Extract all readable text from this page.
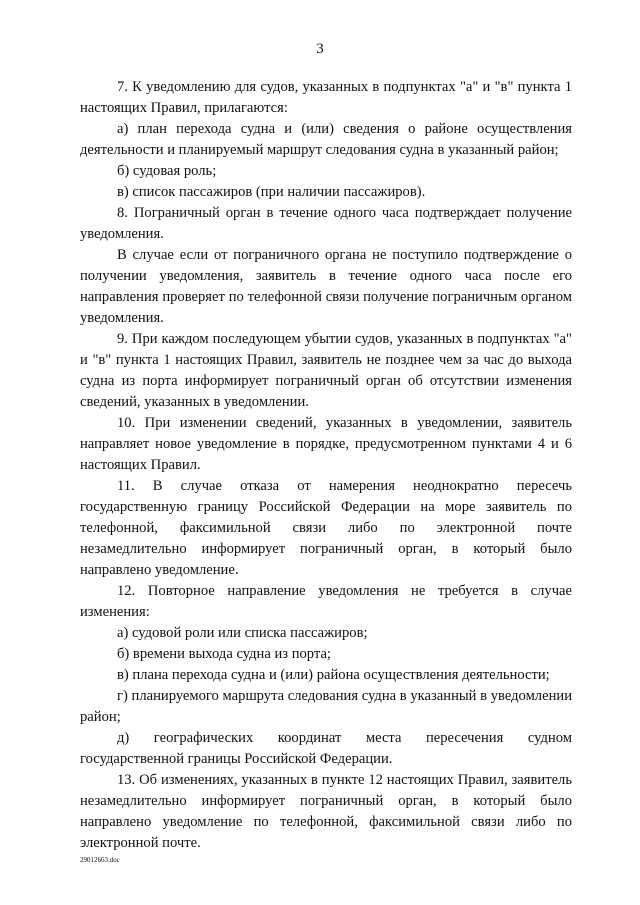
3

7. К уведомлению для судов, указанных в подпунктах "а" и "в" пункта 1 настоящих Правил, прилагаются:

а) план перехода судна и (или) сведения о районе осуществления деятельности и планируемый маршрут следования судна в указанный район;

б) судовая роль;

в) список пассажиров (при наличии пассажиров).

8. Пограничный орган в течение одного часа подтверждает получение уведомления.

В случае если от пограничного органа не поступило подтверждение о получении уведомления, заявитель в течение одного часа после его направления проверяет по телефонной связи получение пограничным органом уведомления.

9. При каждом последующем убытии судов, указанных в подпунктах "а" и "в" пункта 1 настоящих Правил, заявитель не позднее чем за час до выхода судна из порта информирует пограничный орган об отсутствии изменения сведений, указанных в уведомлении.

10. При изменении сведений, указанных в уведомлении, заявитель направляет новое уведомление в порядке, предусмотренном пунктами 4 и 6 настоящих Правил.

11. В случае отказа от намерения неоднократно пересечь государственную границу Российской Федерации на море заявитель по телефонной, факсимильной связи либо по электронной почте незамедлительно информирует пограничный орган, в который было направлено уведомление.

12. Повторное направление уведомления не требуется в случае изменения:

а) судовой роли или списка пассажиров;

б) времени выхода судна из порта;

в) плана перехода судна и (или) района осуществления деятельности;

г) планируемого маршрута следования судна в указанный в уведомлении район;

д) географических координат места пересечения судном государственной границы Российской Федерации.

13. Об изменениях, указанных в пункте 12 настоящих Правил, заявитель незамедлительно информирует пограничный орган, в который было направлено уведомление по телефонной, факсимильной связи либо по электронной почте.

29012663.doc
